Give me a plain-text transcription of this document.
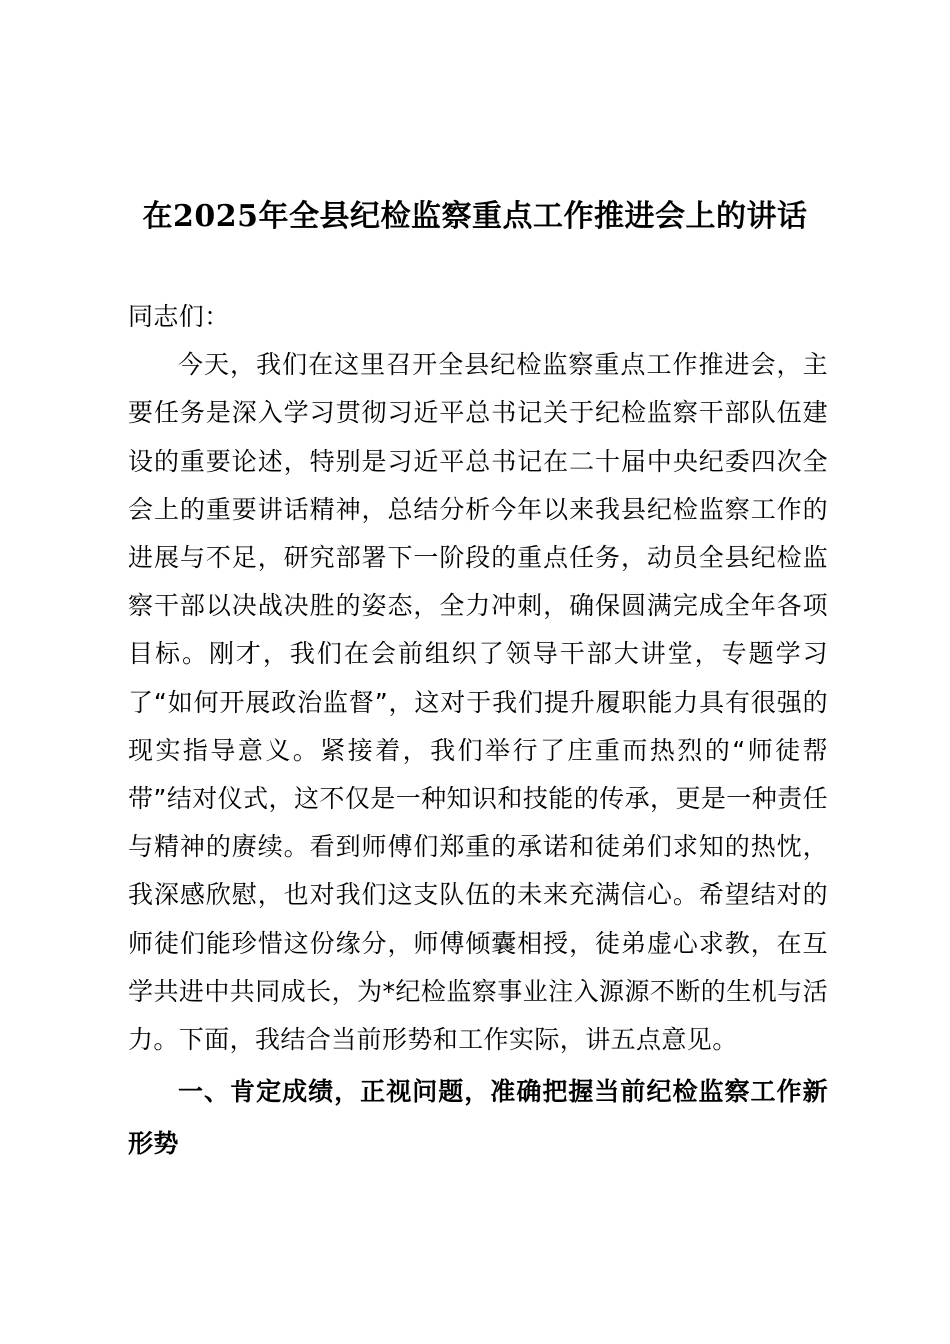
在2025年全县纪检监察重点工作推进会上的讲话

同志们：

今天，我们在这里召开全县纪检监察重点工作推进会，主要任务是深入学习贯彻习近平总书记关于纪检监察干部队伍建设的重要论述，特别是习近平总书记在二十届中央纪委四次全会上的重要讲话精神，总结分析今年以来我县纪检监察工作的进展与不足，研究部署下一阶段的重点任务，动员全县纪检监察干部以决战决胜的姿态，全力冲刺，确保圆满完成全年各项目标。刚才，我们在会前组织了领导干部大讲堂，专题学习了“如何开展政治监督”，这对于我们提升履职能力具有很强的现实指导意义。紧接着，我们举行了庄重而热烈的“师徒帮带”结对仪式，这不仅是一种知识和技能的传承，更是一种责任与精神的赓续。看到师傅们郑重的承诺和徒弟们求知的热忱，我深感欣慰，也对我们这支队伍的未来充满信心。希望结对的师徒们能珍惜这份缘分，师傅倾囊相授，徒弟虚心求教，在互学共进中共同成长，为*纪检监察事业注入源源不断的生机与活力。下面，我结合当前形势和工作实际，讲五点意见。

一、肯定成绩，正视问题，准确把握当前纪检监察工作新形势
